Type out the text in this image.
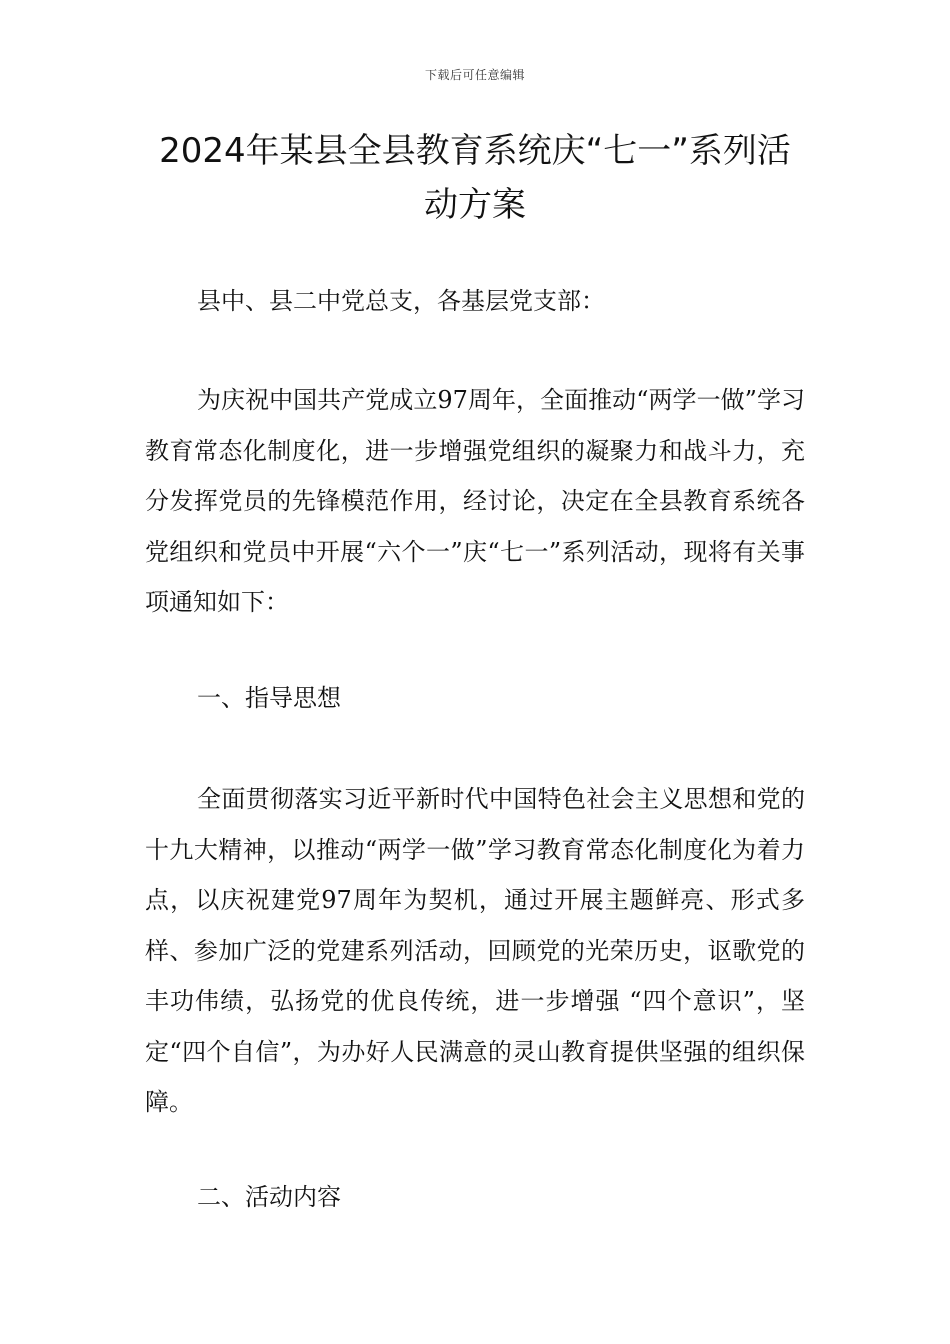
下载后可任意编辑
2024年某县全县教育系统庆“七一”系列活动方案

县中、县二中党总支，各基层党支部：

为庆祝中国共产党成立97周年，全面推动“两学一做”学习教育常态化制度化，进一步增强党组织的凝聚力和战斗力，充分发挥党员的先锋模范作用，经讨论，决定在全县教育系统各党组织和党员中开展“六个一”庆“七一”系列活动，现将有关事项通知如下：

一、指导思想

全面贯彻落实习近平新时代中国特色社会主义思想和党的十九大精神，以推动“两学一做”学习教育常态化制度化为着力点，以庆祝建党97周年为契机，通过开展主题鲜亮、形式多样、参加广泛的党建系列活动，回顾党的光荣历史，讴歌党的丰功伟绩，弘扬党的优良传统，进一步增强 “四个意识”，坚定“四个自信”，为办好人民满意的灵山教育提供坚强的组织保障。

二、活动内容
